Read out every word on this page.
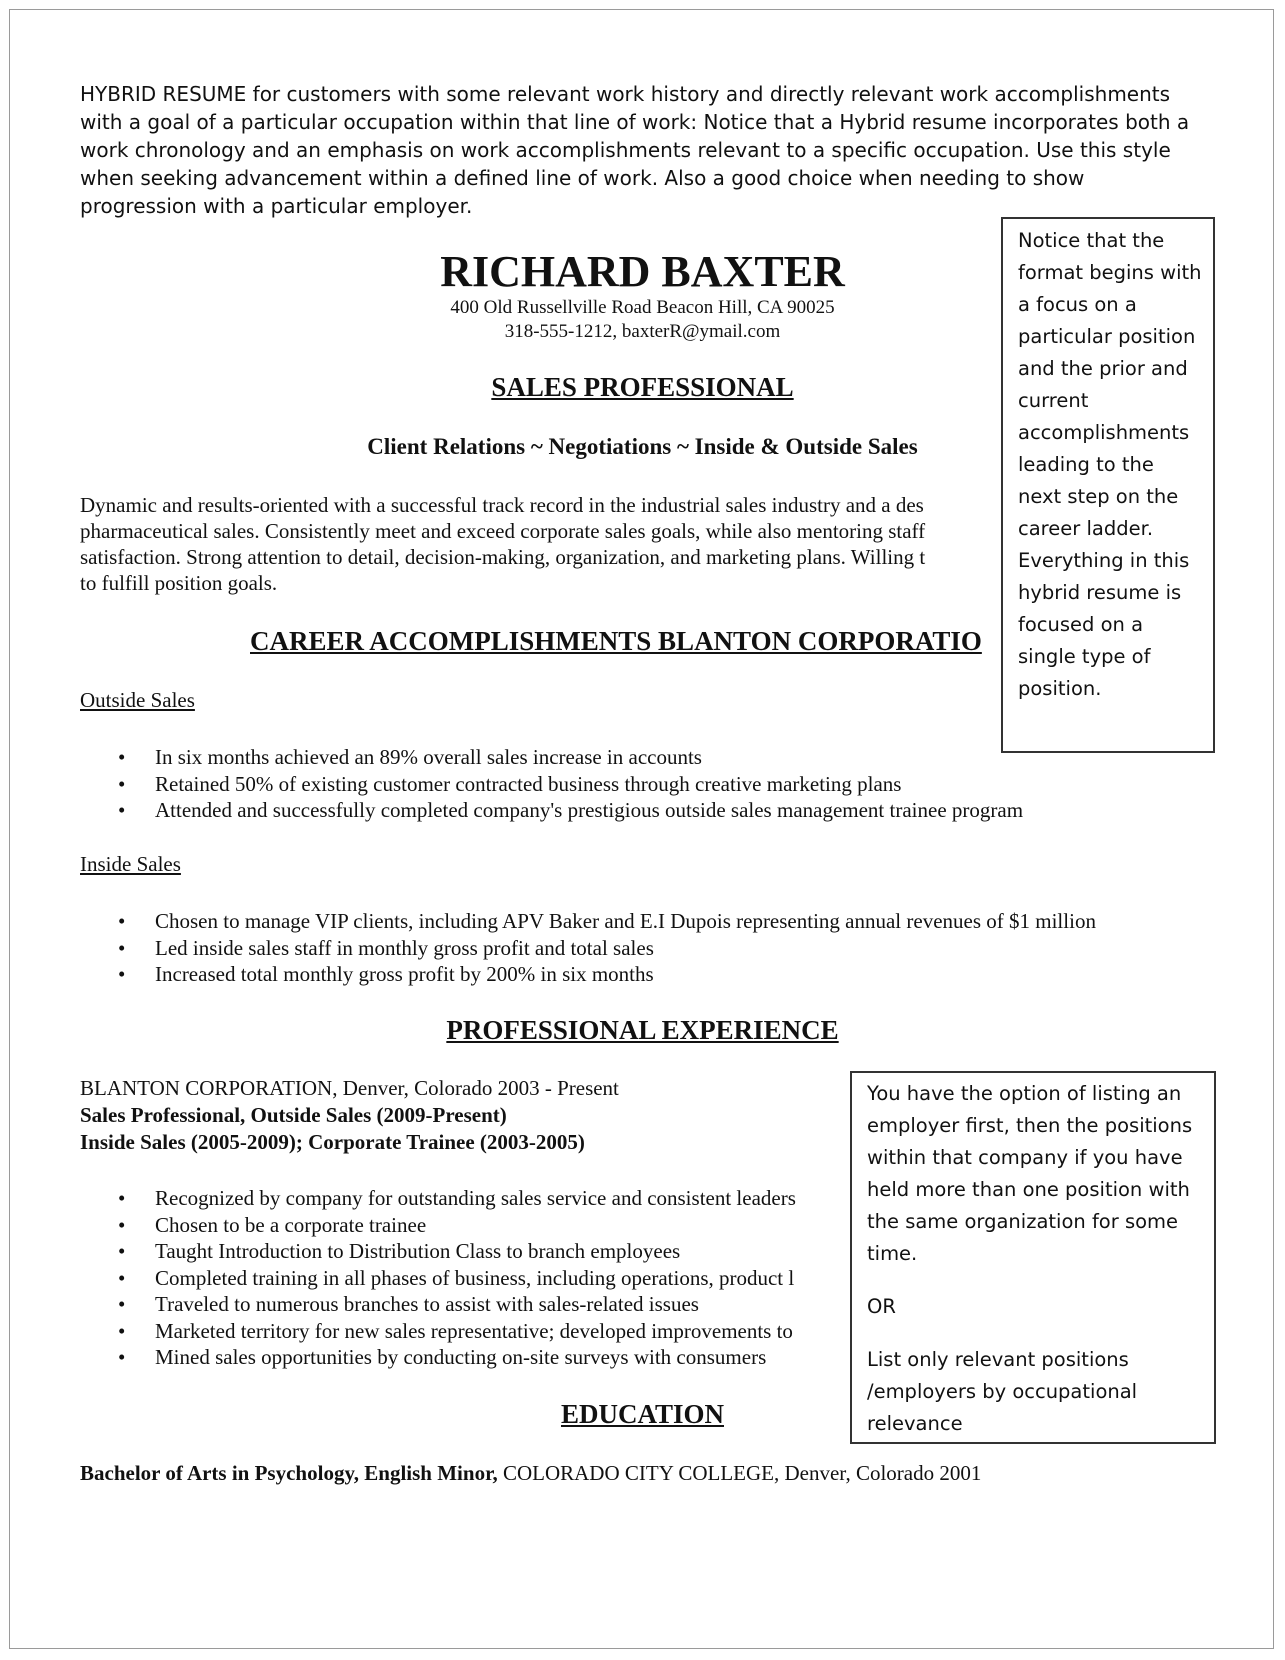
HYBRID RESUME for customers with some relevant work history and directly relevant work accomplishments with a goal of a particular occupation within that line of work: Notice that a Hybrid resume incorporates both a work chronology and an emphasis on work accomplishments relevant to a specific occupation. Use this style when seeking advancement within a defined line of work. Also a good choice when needing to show progression with a particular employer.
RICHARD BAXTER
400 Old Russellville Road Beacon Hill, CA 90025
318-555-1212, baxterR@ymail.com
SALES PROFESSIONAL
Client Relations ~ Negotiations ~ Inside & Outside Sales
Dynamic and results-oriented with a successful track record in the industrial sales industry and a des
pharmaceutical sales. Consistently meet and exceed corporate sales goals, while also mentoring staff
satisfaction. Strong attention to detail, decision-making, organization, and marketing plans. Willing t
to fulfill position goals.
CAREER ACCOMPLISHMENTS BLANTON CORPORATIO
Outside Sales
• In six months achieved an 89% overall sales increase in accounts
• Retained 50% of existing customer contracted business through creative marketing plans
• Attended and successfully completed company's prestigious outside sales management trainee program
Inside Sales
• Chosen to manage VIP clients, including APV Baker and E.I Dupois representing annual revenues of $1 million
• Led inside sales staff in monthly gross profit and total sales
• Increased total monthly gross profit by 200% in six months
PROFESSIONAL EXPERIENCE
BLANTON CORPORATION, Denver, Colorado 2003 - Present
Sales Professional, Outside Sales (2009-Present)
Inside Sales (2005-2009); Corporate Trainee (2003-2005)
• Recognized by company for outstanding sales service and consistent leaders
• Chosen to be a corporate trainee
• Taught Introduction to Distribution Class to branch employees
• Completed training in all phases of business, including operations, product l
• Traveled to numerous branches to assist with sales-related issues
• Marketed territory for new sales representative; developed improvements to
• Mined sales opportunities by conducting on-site surveys with consumers
EDUCATION
Bachelor of Arts in Psychology, English Minor, COLORADO CITY COLLEGE, Denver, Colorado 2001

Notice that the format begins with a focus on a particular position and the prior and current accomplishments leading to the next step on the career ladder. Everything in this hybrid resume is focused on a single type of position.

You have the option of listing an employer first, then the positions within that company if you have held more than one position with the same organization for some time.

OR

List only relevant positions /employers by occupational relevance
